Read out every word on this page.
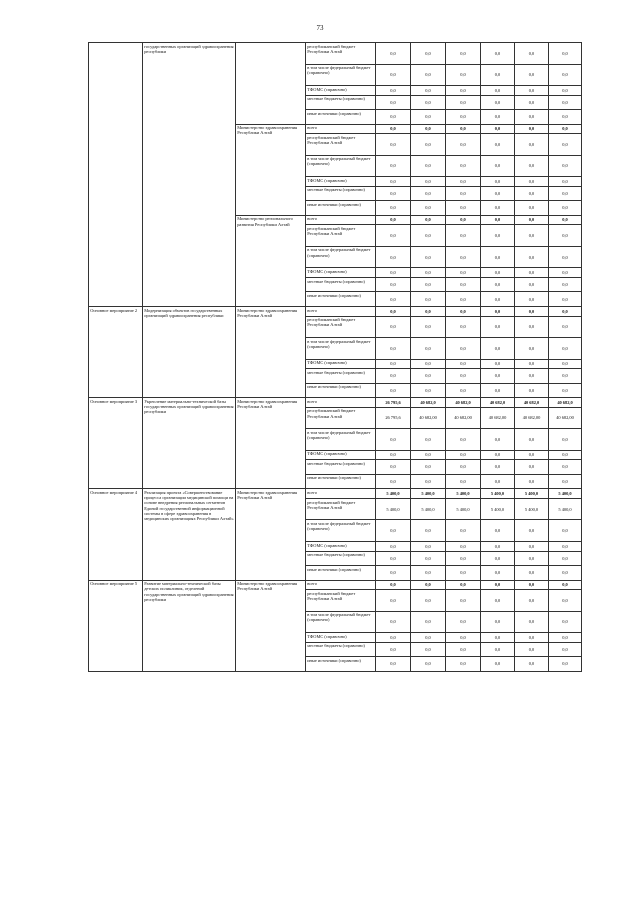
73
	государственных организаций здравоохранения республики		республиканский бюджет Республики Алтай	0,0	0,0	0,0	0,0	0,0	0,0
			в том числе федеральный бюджет (справочно)	0,0	0,0	0,0	0,0	0,0	0,0
			ТФОМС (справочно)	0,0	0,0	0,0	0,0	0,0	0,0
			местные бюджеты (справочно)	0,0	0,0	0,0	0,0	0,0	0,0
			иные источники (справочно)	0,0	0,0	0,0	0,0	0,0	0,0
		Министерство здравоохранения Республики Алтай	всего	0,0	0,0	0,0	0,0	0,0	0,0
			республиканский бюджет Республики Алтай	0,0	0,0	0,0	0,0	0,0	0,0
			в том числе федеральный бюджет (справочно)	0,0	0,0	0,0	0,0	0,0	0,0
			ТФОМС (справочно)	0,0	0,0	0,0	0,0	0,0	0,0
			местные бюджеты (справочно)	0,0	0,0	0,0	0,0	0,0	0,0
			иные источники (справочно)	0,0	0,0	0,0	0,0	0,0	0,0
		Министерство регионального развития Республики Алтай	всего	0,0	0,0	0,0	0,0	0,0	0,0
			республиканский бюджет Республики Алтай	0,0	0,0	0,0	0,0	0,0	0,0
			в том числе федеральный бюджет (справочно)	0,0	0,0	0,0	0,0	0,0	0,0
			ТФОМС (справочно)	0,0	0,0	0,0	0,0	0,0	0,0
			местные бюджеты (справочно)	0,0	0,0	0,0	0,0	0,0	0,0
			иные источники (справочно)	0,0	0,0	0,0	0,0	0,0	0,0
Основное мероприятие 2	Модернизация объектов государственных организаций здравоохранения республики	Министерство здравоохранения Республики Алтай	всего	0,0	0,0	0,0	0,0	0,0	0,0
			республиканский бюджет Республики Алтай	0,0	0,0	0,0	0,0	0,0	0,0
			в том числе федеральный бюджет (справочно)	0,0	0,0	0,0	0,0	0,0	0,0
			ТФОМС (справочно)	0,0	0,0	0,0	0,0	0,0	0,0
			местные бюджеты (справочно)	0,0	0,0	0,0	0,0	0,0	0,0
			иные источники (справочно)	0,0	0,0	0,0	0,0	0,0	0,0
Основное мероприятие 3	Укрепление материально-технической базы государственных организаций здравоохранения республики	Министерство здравоохранения Республики Алтай	всего	26 795,6	40 682,0	40 682,0	40 682,0	40 682,0	40 682,0
			республиканский бюджет Республики Алтай	26 795,6	40 682,00	40 682,00	40 682,00	40 682,00	40 682,00
			в том числе федеральный бюджет (справочно)	0,0	0,0	0,0	0,0	0,0	0,0
			ТФОМС (справочно)	0,0	0,0	0,0	0,0	0,0	0,0
			местные бюджеты (справочно)	0,0	0,0	0,0	0,0	0,0	0,0
			иные источники (справочно)	0,0	0,0	0,0	0,0	0,0	0,0
Основное мероприятие 4	Реализация проекта «Совершенствование процесса организации медицинской помощи на основе внедрения региональных сегментов Единой государственной информационной системы в сфере здравоохранения в медицинских организациях Республики Алтай»	Министерство здравоохранения Республики Алтай	всего	5 400,0	5 400,0	5 400,0	5 400,0	5 400,0	5 400,0
			республиканский бюджет Республики Алтай	5 400,0	5 400,0	5 400,0	5 400,0	5 400,0	5 400,0
			в том числе федеральный бюджет (справочно)	0,0	0,0	0,0	0,0	0,0	0,0
			ТФОМС (справочно)	0,0	0,0	0,0	0,0	0,0	0,0
			местные бюджеты (справочно)	0,0	0,0	0,0	0,0	0,0	0,0
			иные источники (справочно)	0,0	0,0	0,0	0,0	0,0	0,0
Основное мероприятие 5	Развитие материально-технической базы детских поликлиник, отделений государственных организаций здравоохранения республики	Министерство здравоохранения Республики Алтай	всего	0,0	0,0	0,0	0,0	0,0	0,0
			республиканский бюджет Республики Алтай	0,0	0,0	0,0	0,0	0,0	0,0
			в том числе федеральный бюджет (справочно)	0,0	0,0	0,0	0,0	0,0	0,0
			ТФОМС (справочно)	0,0	0,0	0,0	0,0	0,0	0,0
			местные бюджеты (справочно)	0,0	0,0	0,0	0,0	0,0	0,0
			иные источники (справочно)	0,0	0,0	0,0	0,0	0,0	0,0
